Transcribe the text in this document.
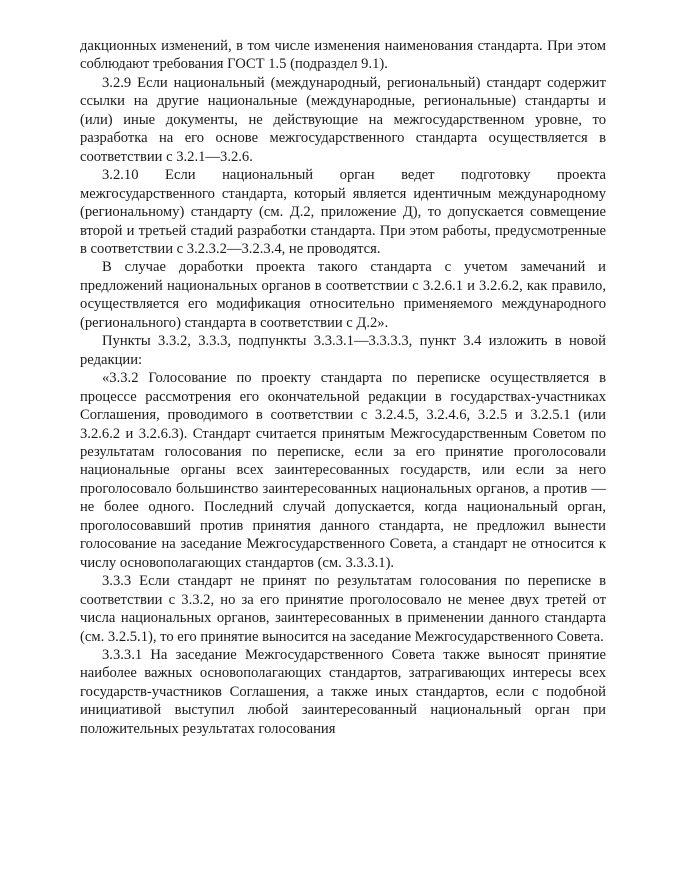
дакционных изменений, в том числе изменения наименования стандарта. При этом соблюдают требования ГОСТ 1.5 (подраздел 9.1).

3.2.9 Если национальный (международный, региональный) стандарт содержит ссылки на другие национальные (международные, региональные) стандарты и (или) иные документы, не действующие на межгосударственном уровне, то разработка на его основе межгосударственного стандарта осуществляется в соответствии с 3.2.1—3.2.6.

3.2.10 Если национальный орган ведет подготовку проекта межгосударственного стандарта, который является идентичным международному (региональному) стандарту (см. Д.2, приложение Д), то допускается совмещение второй и третьей стадий разработки стандарта. При этом работы, предусмотренные в соответствии с 3.2.3.2—3.2.3.4, не проводятся.

В случае доработки проекта такого стандарта с учетом замечаний и предложений национальных органов в соответствии с 3.2.6.1 и 3.2.6.2, как правило, осуществляется его модификация относительно применяемого международного (регионального) стандарта в соответствии с Д.2».

Пункты 3.3.2, 3.3.3, подпункты 3.3.3.1—3.3.3.3, пункт 3.4 изложить в новой редакции:

«3.3.2 Голосование по проекту стандарта по переписке осуществляется в процессе рассмотрения его окончательной редакции в государствах-участниках Соглашения, проводимого в соответствии с 3.2.4.5, 3.2.4.6, 3.2.5 и 3.2.5.1 (или 3.2.6.2 и 3.2.6.3). Стандарт считается принятым Межгосударственным Советом по результатам голосования по переписке, если за его принятие проголосовали национальные органы всех заинтересованных государств, или если за него проголосовало большинство заинтересованных национальных органов, а против — не более одного. Последний случай допускается, когда национальный орган, проголосовавший против принятия данного стандарта, не предложил вынести голосование на заседание Межгосударственного Совета, а стандарт не относится к числу основополагающих стандартов (см. 3.3.3.1).

3.3.3 Если стандарт не принят по результатам голосования по переписке в соответствии с 3.3.2, но за его принятие проголосовало не менее двух третей от числа национальных органов, заинтересованных в применении данного стандарта (см. 3.2.5.1), то его принятие выносится на заседание Межгосударственного Совета.

3.3.3.1 На заседание Межгосударственного Совета также выносят принятие наиболее важных основополагающих стандартов, затрагивающих интересы всех государств-участников Соглашения, а также иных стандартов, если с подобной инициативой выступил любой заинтересованный национальный орган при положительных результатах голосования
